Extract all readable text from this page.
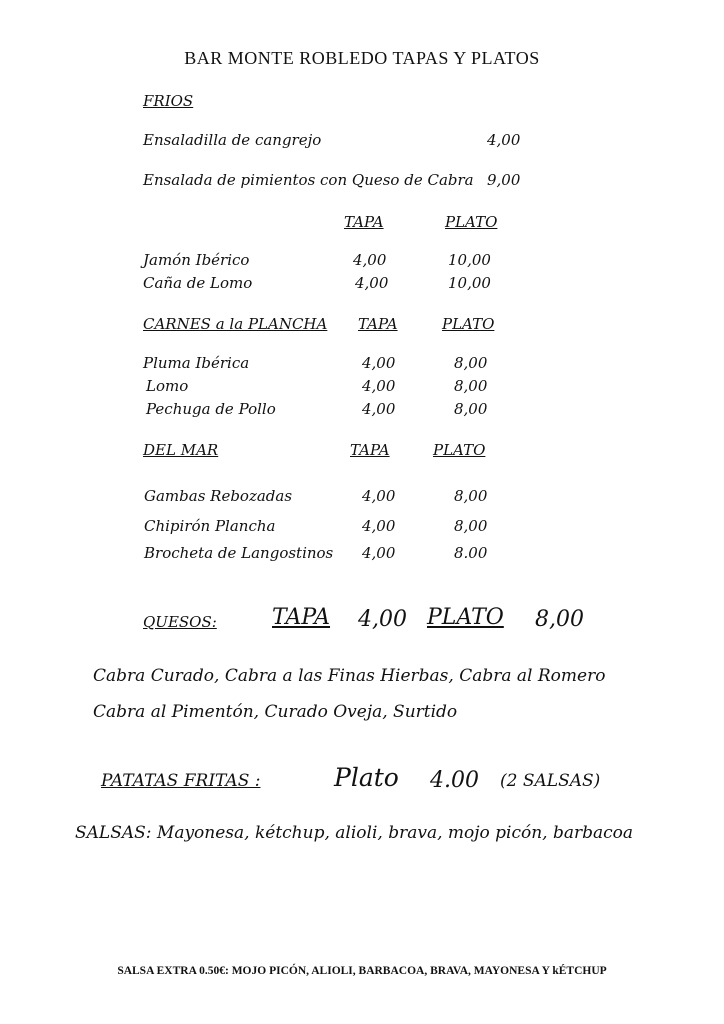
BAR MONTE ROBLEDO TAPAS Y PLATOS
FRIOS
Ensaladilla de cangrejo	4,00
Ensalada de pimientos con Queso de Cabra 9,00
TAPA	PLATO
Jamón Ibérico	4,00	10,00
Caña de Lomo	4,00	10,00
CARNES a la PLANCHA TAPA	PLATO
Pluma Ibérica	4,00	8,00
Lomo	4,00	8,00
Pechuga de Pollo	4,00	8,00
DEL MAR	TAPA	PLATO
Gambas Rebozadas	4,00	8,00
Chipirón Plancha	4,00	8,00
Brocheta de Langostinos 4,00	8.00
QUESOS:	TAPA 4,00 PLATO 8,00
Cabra Curado, Cabra a las Finas Hierbas, Cabra al Romero
Cabra al Pimentón, Curado Oveja, Surtido
PATATAS FRITAS :	Plato 4.00 (2 SALSAS)
SALSAS: Mayonesa, kétchup, alioli, brava, mojo picón, barbacoa
SALSA EXTRA 0.50€: MOJO PICÓN, ALIOLI, BARBACOA, BRAVA, MAYONESA Y kÉTCHUP
